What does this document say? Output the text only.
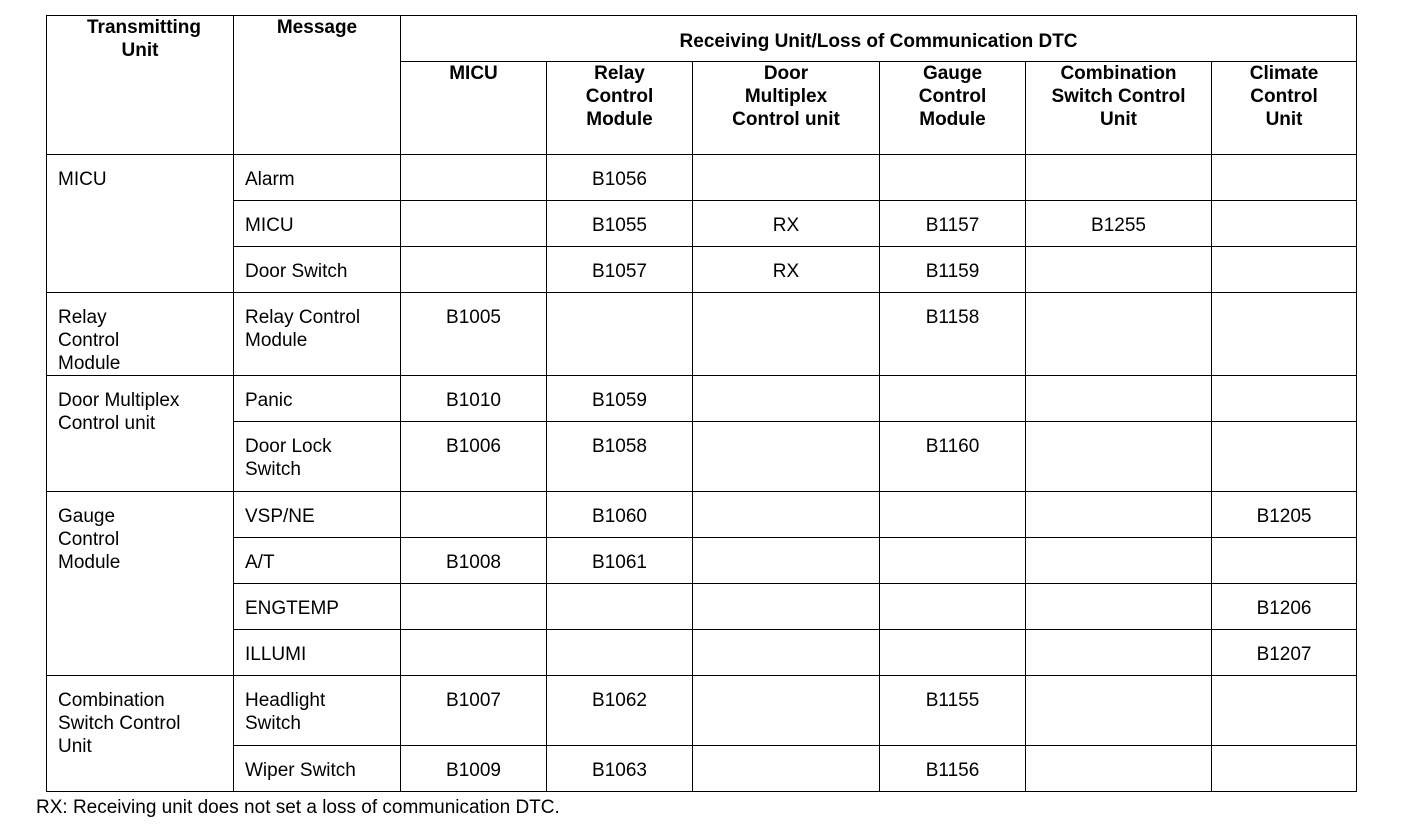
Transmitting Unit	Message	Receiving Unit/Loss of Communication DTC					
		MICU	Relay Control Module	Door Multiplex Control unit	Gauge Control Module	Combination Switch Control Unit	Climate Control Unit

MICU	Alarm		B1056				
	MICU		B1055	RX	B1157	B1255	
	Door Switch		B1057	RX	B1159		

Relay Control Module	Relay Control Module	B1005			B1158		

Door Multiplex Control unit	Panic	B1010	B1059				
	Door Lock Switch	B1006	B1058		B1160		

Gauge Control Module	VSP/NE		B1060				B1205
	A/T	B1008	B1061				
	ENGTEMP						B1206
	ILLUMI						B1207

Combination Switch Control Unit	Headlight Switch	B1007	B1062		B1155		
	Wiper Switch	B1009	B1063		B1156		
RX: Receiving unit does not set a loss of communication DTC.
